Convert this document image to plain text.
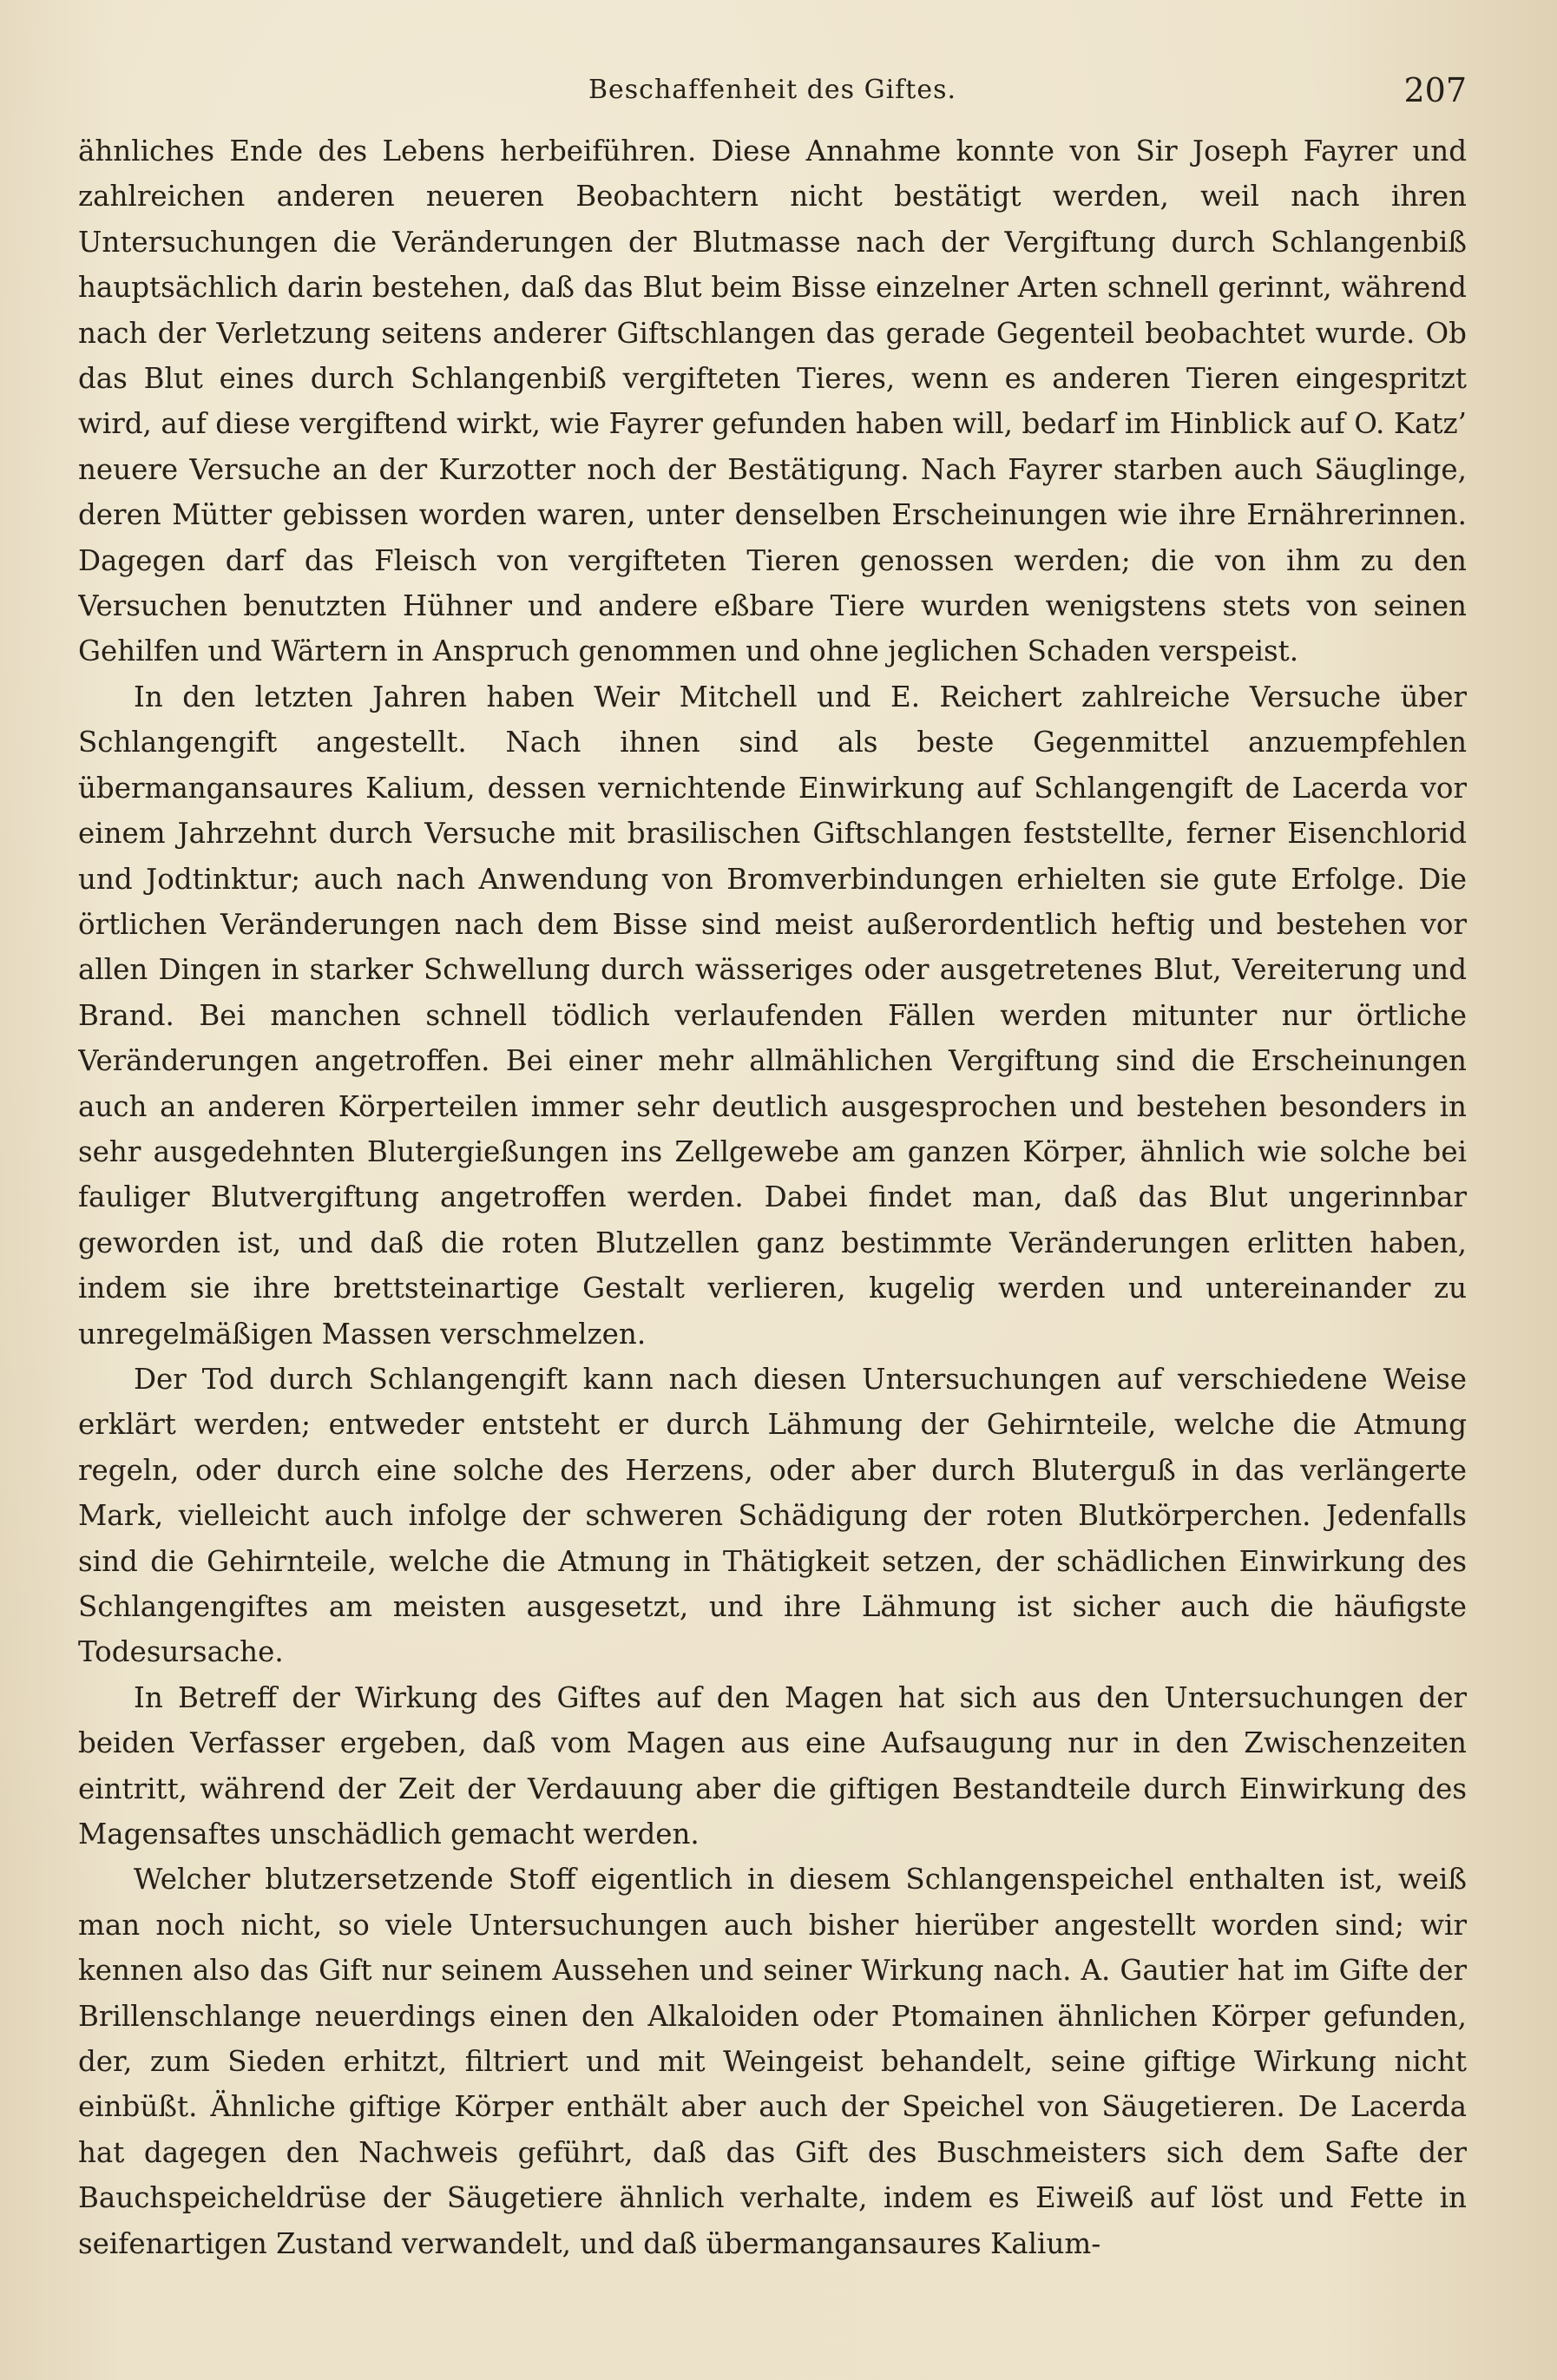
Beschaffenheit des Giftes.	207

ähnliches Ende des Lebens herbeiführen. Diese Annahme konnte von Sir Joseph Fayrer und zahlreichen anderen neueren Beobachtern nicht bestätigt werden, weil nach ihren Untersuchungen die Veränderungen der Blutmasse nach der Vergiftung durch Schlangenbiß hauptsächlich darin bestehen, daß das Blut beim Bisse einzelner Arten schnell gerinnt, während nach der Verletzung seitens anderer Giftschlangen das gerade Gegenteil beobachtet wurde. Ob das Blut eines durch Schlangenbiß vergifteten Tieres, wenn es anderen Tieren eingespritzt wird, auf diese vergiftend wirkt, wie Fayrer gefunden haben will, bedarf im Hinblick auf O. Katz’ neuere Versuche an der Kurzotter noch der Bestätigung. Nach Fayrer starben auch Säuglinge, deren Mütter gebissen worden waren, unter denselben Erscheinungen wie ihre Ernährerinnen. Dagegen darf das Fleisch von vergifteten Tieren genossen werden; die von ihm zu den Versuchen benutzten Hühner und andere eßbare Tiere wurden wenigstens stets von seinen Gehilfen und Wärtern in Anspruch genommen und ohne jeglichen Schaden verspeist.

In den letzten Jahren haben Weir Mitchell und E. Reichert zahlreiche Versuche über Schlangengift angestellt. Nach ihnen sind als beste Gegenmittel anzuempfehlen übermangansaures Kalium, dessen vernichtende Einwirkung auf Schlangengift de Lacerda vor einem Jahrzehnt durch Versuche mit brasilischen Giftschlangen feststellte, ferner Eisenchlorid und Jodtinktur; auch nach Anwendung von Bromverbindungen erhielten sie gute Erfolge. Die örtlichen Veränderungen nach dem Bisse sind meist außerordentlich heftig und bestehen vor allen Dingen in starker Schwellung durch wässeriges oder ausgetretenes Blut, Vereiterung und Brand. Bei manchen schnell tödlich verlaufenden Fällen werden mitunter nur örtliche Veränderungen angetroffen. Bei einer mehr allmählichen Vergiftung sind die Erscheinungen auch an anderen Körperteilen immer sehr deutlich ausgesprochen und bestehen besonders in sehr ausgedehnten Blutergießungen ins Zellgewebe am ganzen Körper, ähnlich wie solche bei fauliger Blutvergiftung angetroffen werden. Dabei findet man, daß das Blut ungerinnbar geworden ist, und daß die roten Blutzellen ganz bestimmte Veränderungen erlitten haben, indem sie ihre brettsteinartige Gestalt verlieren, kugelig werden und untereinander zu unregelmäßigen Massen verschmelzen.

Der Tod durch Schlangengift kann nach diesen Untersuchungen auf verschiedene Weise erklärt werden; entweder entsteht er durch Lähmung der Gehirnteile, welche die Atmung regeln, oder durch eine solche des Herzens, oder aber durch Bluterguß in das verlängerte Mark, vielleicht auch infolge der schweren Schädigung der roten Blutkörperchen. Jedenfalls sind die Gehirnteile, welche die Atmung in Thätigkeit setzen, der schädlichen Einwirkung des Schlangengiftes am meisten ausgesetzt, und ihre Lähmung ist sicher auch die häufigste Todesursache.

In Betreff der Wirkung des Giftes auf den Magen hat sich aus den Untersuchungen der beiden Verfasser ergeben, daß vom Magen aus eine Aufsaugung nur in den Zwischenzeiten eintritt, während der Zeit der Verdauung aber die giftigen Bestandteile durch Einwirkung des Magensaftes unschädlich gemacht werden.

Welcher blutzersetzende Stoff eigentlich in diesem Schlangenspeichel enthalten ist, weiß man noch nicht, so viele Untersuchungen auch bisher hierüber angestellt worden sind; wir kennen also das Gift nur seinem Aussehen und seiner Wirkung nach. A. Gautier hat im Gifte der Brillenschlange neuerdings einen den Alkaloiden oder Ptomainen ähnlichen Körper gefunden, der, zum Sieden erhitzt, filtriert und mit Weingeist behandelt, seine giftige Wirkung nicht einbüßt. Ähnliche giftige Körper enthält aber auch der Speichel von Säugetieren. De Lacerda hat dagegen den Nachweis geführt, daß das Gift des Buschmeisters sich dem Safte der Bauchspeicheldrüse der Säugetiere ähnlich verhalte, indem es Eiweiß auf löst und Fette in seifenartigen Zustand verwandelt, und daß übermangansaures Kalium-
